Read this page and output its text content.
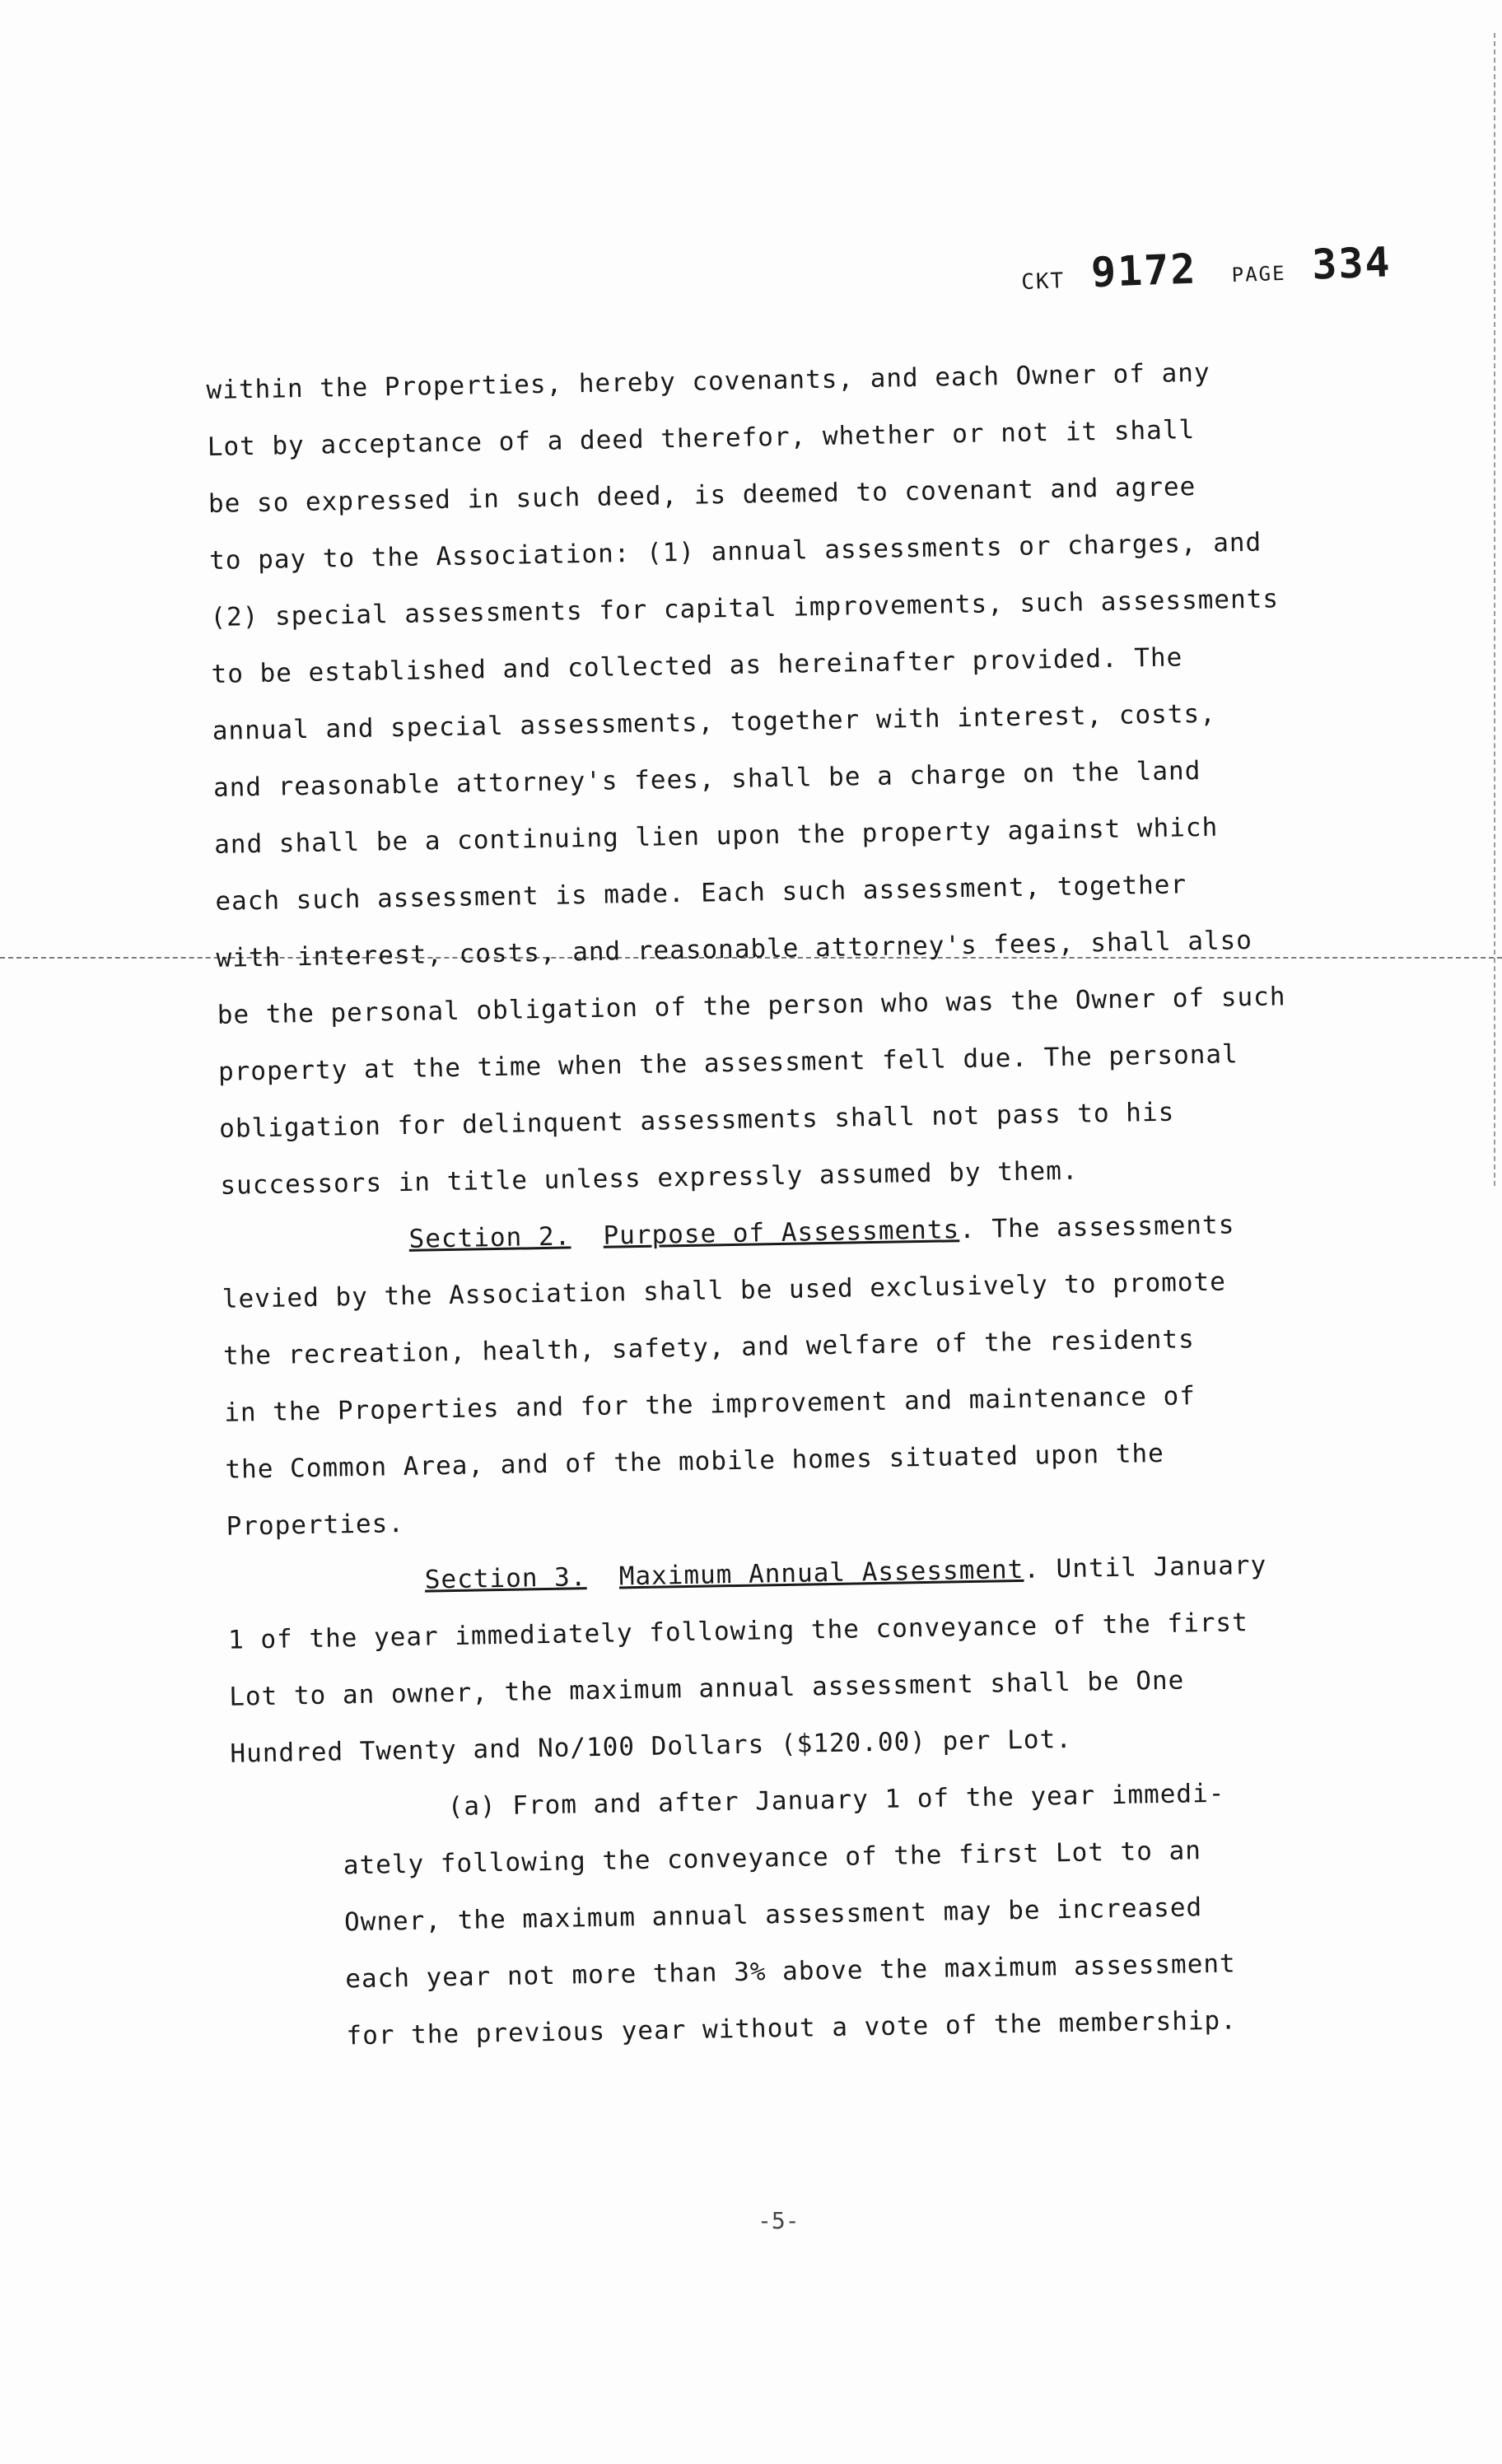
CKT 9172 PAGE 334
within the Properties, hereby covenants, and each Owner of any
Lot by acceptance of a deed therefor, whether or not it shall
be so expressed in such deed, is deemed to covenant and agree
to pay to the Association: (1) annual assessments or charges, and
(2) special assessments for capital improvements, such assessments
to be established and collected as hereinafter provided. The
annual and special assessments, together with interest, costs,
and reasonable attorney's fees, shall be a charge on the land
and shall be a continuing lien upon the property against which
each such assessment is made. Each such assessment, together
with interest, costs, and reasonable attorney's fees, shall also
be the personal obligation of the person who was the Owner of such
property at the time when the assessment fell due. The personal
obligation for delinquent assessments shall not pass to his
successors in title unless expressly assumed by them.
Section 2. Purpose of Assessments. The assessments
levied by the Association shall be used exclusively to promote
the recreation, health, safety, and welfare of the residents
in the Properties and for the improvement and maintenance of
the Common Area, and of the mobile homes situated upon the
Properties.
Section 3. Maximum Annual Assessment. Until January
1 of the year immediately following the conveyance of the first
Lot to an owner, the maximum annual assessment shall be One
Hundred Twenty and No/100 Dollars ($120.00) per Lot.
(a) From and after January 1 of the year immedi-
ately following the conveyance of the first Lot to an
Owner, the maximum annual assessment may be increased
each year not more than 3% above the maximum assessment
for the previous year without a vote of the membership.
-5-
